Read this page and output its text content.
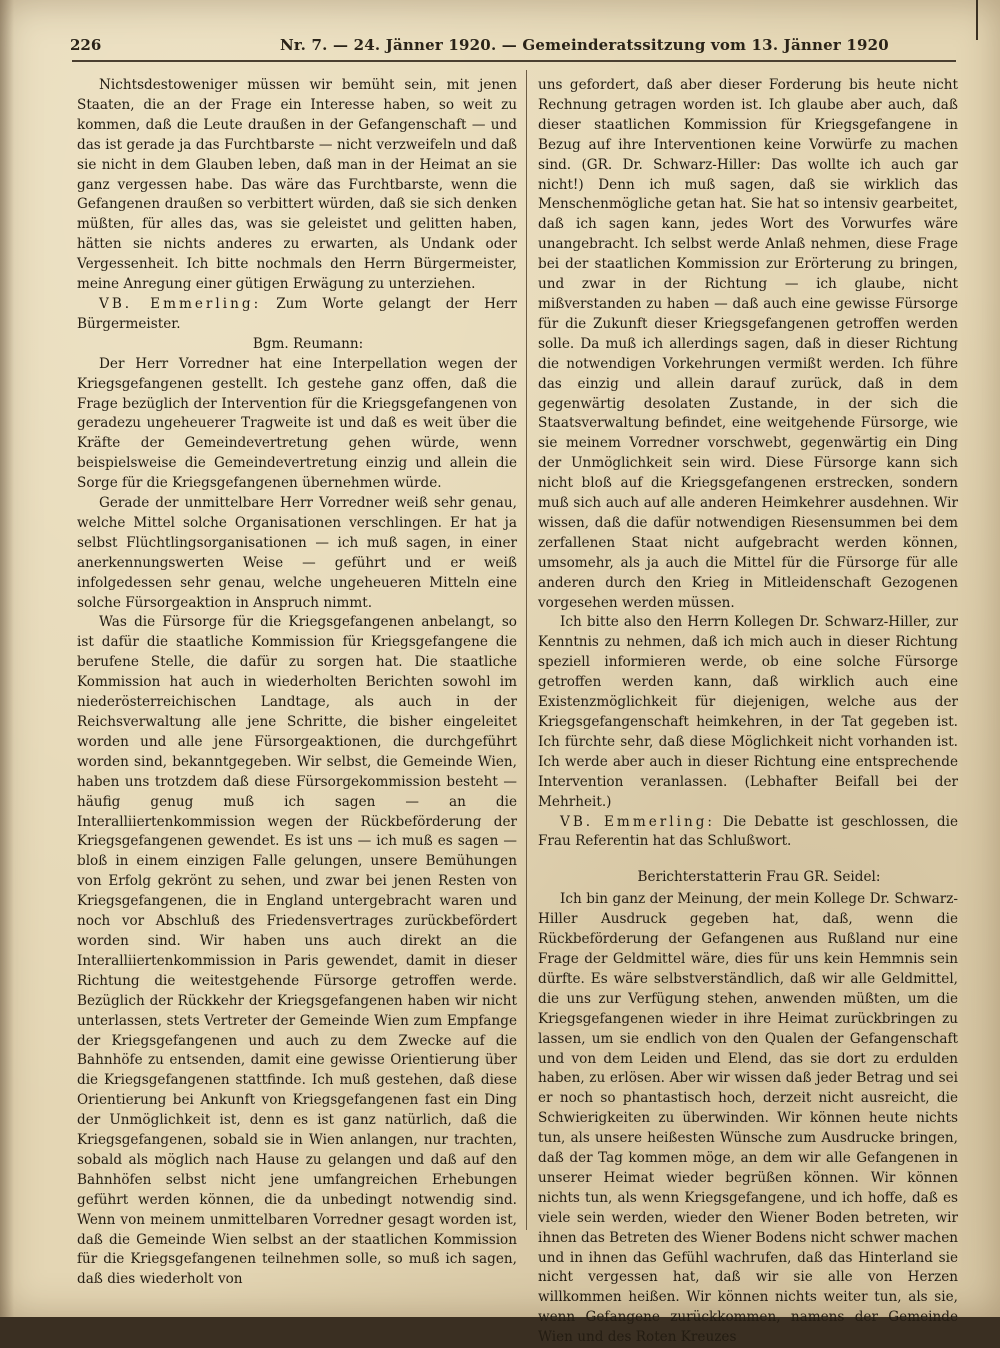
226	Nr. 7. — 24. Jänner 1920. — Gemeinderatssitzung vom 13. Jänner 1920

Nichtsdestoweniger müssen wir bemüht sein, mit jenen Staaten, die an der Frage ein Interesse haben, so weit zu kommen, daß die Leute draußen in der Gefangenschaft — und das ist gerade ja das Furchtbarste — nicht verzweifeln und daß sie nicht in dem Glauben leben, daß man in der Heimat an sie ganz vergessen habe. Das wäre das Furchtbarste, wenn die Gefangenen draußen so verbittert würden, daß sie sich denken müßten, für alles das, was sie geleistet und gelitten haben, hätten sie nichts anderes zu erwarten, als Undank oder Vergessenheit. Ich bitte nochmals den Herrn Bürgermeister, meine Anregung einer gütigen Erwägung zu unterziehen.

VB. Emmerling: Zum Worte gelangt der Herr Bürgermeister.

Bgm. Reumann:

Der Herr Vorredner hat eine Interpellation wegen der Kriegsgefangenen gestellt. Ich gestehe ganz offen, daß die Frage bezüglich der Intervention für die Kriegsgefangenen von geradezu ungeheuerer Tragweite ist und daß es weit über die Kräfte der Gemeindevertretung gehen würde, wenn beispielsweise die Gemeindevertretung einzig und allein die Sorge für die Kriegsgefangenen übernehmen würde.

Gerade der unmittelbare Herr Vorredner weiß sehr genau, welche Mittel solche Organisationen verschlingen. Er hat ja selbst Flüchtlingsorganisationen — ich muß sagen, in einer anerkennungswerten Weise — geführt und er weiß infolgedessen sehr genau, welche ungeheueren Mitteln eine solche Fürsorgeaktion in Anspruch nimmt.

Was die Fürsorge für die Kriegsgefangenen anbelangt, so ist dafür die staatliche Kommission für Kriegsgefangene die berufene Stelle, die dafür zu sorgen hat. Die staatliche Kommission hat auch in wiederholten Berichten sowohl im niederösterreichischen Landtage, als auch in der Reichsverwaltung alle jene Schritte, die bisher eingeleitet worden und alle jene Fürsorgeaktionen, die durchgeführt worden sind, bekanntgegeben. Wir selbst, die Gemeinde Wien, haben uns trotzdem daß diese Fürsorgekommission besteht — häufig genug muß ich sagen — an die Interalliiertenkommission wegen der Rückbeförderung der Kriegsgefangenen gewendet. Es ist uns — ich muß es sagen — bloß in einem einzigen Falle gelungen, unsere Bemühungen von Erfolg gekrönt zu sehen, und zwar bei jenen Resten von Kriegsgefangenen, die in England untergebracht waren und noch vor Abschluß des Friedensvertrages zurückbefördert worden sind. Wir haben uns auch direkt an die Interalliiertenkommission in Paris gewendet, damit in dieser Richtung die weitestgehende Fürsorge getroffen werde. Bezüglich der Rückkehr der Kriegsgefangenen haben wir nicht unterlassen, stets Vertreter der Gemeinde Wien zum Empfange der Kriegsgefangenen und auch zu dem Zwecke auf die Bahnhöfe zu entsenden, damit eine gewisse Orientierung über die Kriegsgefangenen stattfinde. Ich muß gestehen, daß diese Orientierung bei Ankunft von Kriegsgefangenen fast ein Ding der Unmöglichkeit ist, denn es ist ganz natürlich, daß die Kriegsgefangenen, sobald sie in Wien anlangen, nur trachten, sobald als möglich nach Hause zu gelangen und daß auf den Bahnhöfen selbst nicht jene umfangreichen Erhebungen geführt werden können, die da unbedingt notwendig sind. Wenn von meinem unmittelbaren Vorredner gesagt worden ist, daß die Gemeinde Wien selbst an der staatlichen Kommission für die Kriegsgefangenen teilnehmen solle, so muß ich sagen, daß dies wiederholt von

uns gefordert, daß aber dieser Forderung bis heute nicht Rechnung getragen worden ist. Ich glaube aber auch, daß dieser staatlichen Kommission für Kriegsgefangene in Bezug auf ihre Interventionen keine Vorwürfe zu machen sind. (GR. Dr. Schwarz-Hiller: Das wollte ich auch gar nicht!) Denn ich muß sagen, daß sie wirklich das Menschenmögliche getan hat. Sie hat so intensiv gearbeitet, daß ich sagen kann, jedes Wort des Vorwurfes wäre unangebracht. Ich selbst werde Anlaß nehmen, diese Frage bei der staatlichen Kommission zur Erörterung zu bringen, und zwar in der Richtung — ich glaube, nicht mißverstanden zu haben — daß auch eine gewisse Fürsorge für die Zukunft dieser Kriegsgefangenen getroffen werden solle. Da muß ich allerdings sagen, daß in dieser Richtung die notwendigen Vorkehrungen vermißt werden. Ich führe das einzig und allein darauf zurück, daß in dem gegenwärtig desolaten Zustande, in der sich die Staatsverwaltung befindet, eine weitgehende Fürsorge, wie sie meinem Vorredner vorschwebt, gegenwärtig ein Ding der Unmöglichkeit sein wird. Diese Fürsorge kann sich nicht bloß auf die Kriegsgefangenen erstrecken, sondern muß sich auch auf alle anderen Heimkehrer ausdehnen. Wir wissen, daß die dafür notwendigen Riesensummen bei dem zerfallenen Staat nicht aufgebracht werden können, umsomehr, als ja auch die Mittel für die Fürsorge für alle anderen durch den Krieg in Mitleidenschaft Gezogenen vorgesehen werden müssen.

Ich bitte also den Herrn Kollegen Dr. Schwarz-Hiller, zur Kenntnis zu nehmen, daß ich mich auch in dieser Richtung speziell informieren werde, ob eine solche Fürsorge getroffen werden kann, daß wirklich auch eine Existenzmöglichkeit für diejenigen, welche aus der Kriegsgefangenschaft heimkehren, in der Tat gegeben ist. Ich fürchte sehr, daß diese Möglichkeit nicht vorhanden ist. Ich werde aber auch in dieser Richtung eine entsprechende Intervention veranlassen. (Lebhafter Beifall bei der Mehrheit.)

VB. Emmerling: Die Debatte ist geschlossen, die Frau Referentin hat das Schlußwort.

Berichterstatterin Frau GR. Seidel:

Ich bin ganz der Meinung, der mein Kollege Dr. Schwarz-Hiller Ausdruck gegeben hat, daß, wenn die Rückbeförderung der Gefangenen aus Rußland nur eine Frage der Geldmittel wäre, dies für uns kein Hemmnis sein dürfte. Es wäre selbstverständlich, daß wir alle Geldmittel, die uns zur Verfügung stehen, anwenden müßten, um die Kriegsgefangenen wieder in ihre Heimat zurückbringen zu lassen, um sie endlich von den Qualen der Gefangenschaft und von dem Leiden und Elend, das sie dort zu erdulden haben, zu erlösen. Aber wir wissen daß jeder Betrag und sei er noch so phantastisch hoch, derzeit nicht ausreicht, die Schwierigkeiten zu überwinden. Wir können heute nichts tun, als unsere heißesten Wünsche zum Ausdrucke bringen, daß der Tag kommen möge, an dem wir alle Gefangenen in unserer Heimat wieder begrüßen können. Wir können nichts tun, als wenn Kriegsgefangene, und ich hoffe, daß es viele sein werden, wieder den Wiener Boden betreten, wir ihnen das Betreten des Wiener Bodens nicht schwer machen und in ihnen das Gefühl wachrufen, daß das Hinterland sie nicht vergessen hat, daß wir sie alle von Herzen willkommen heißen. Wir können nichts weiter tun, als sie, wenn Gefangene zurückkommen, namens der Gemeinde Wien und des Roten Kreuzes
